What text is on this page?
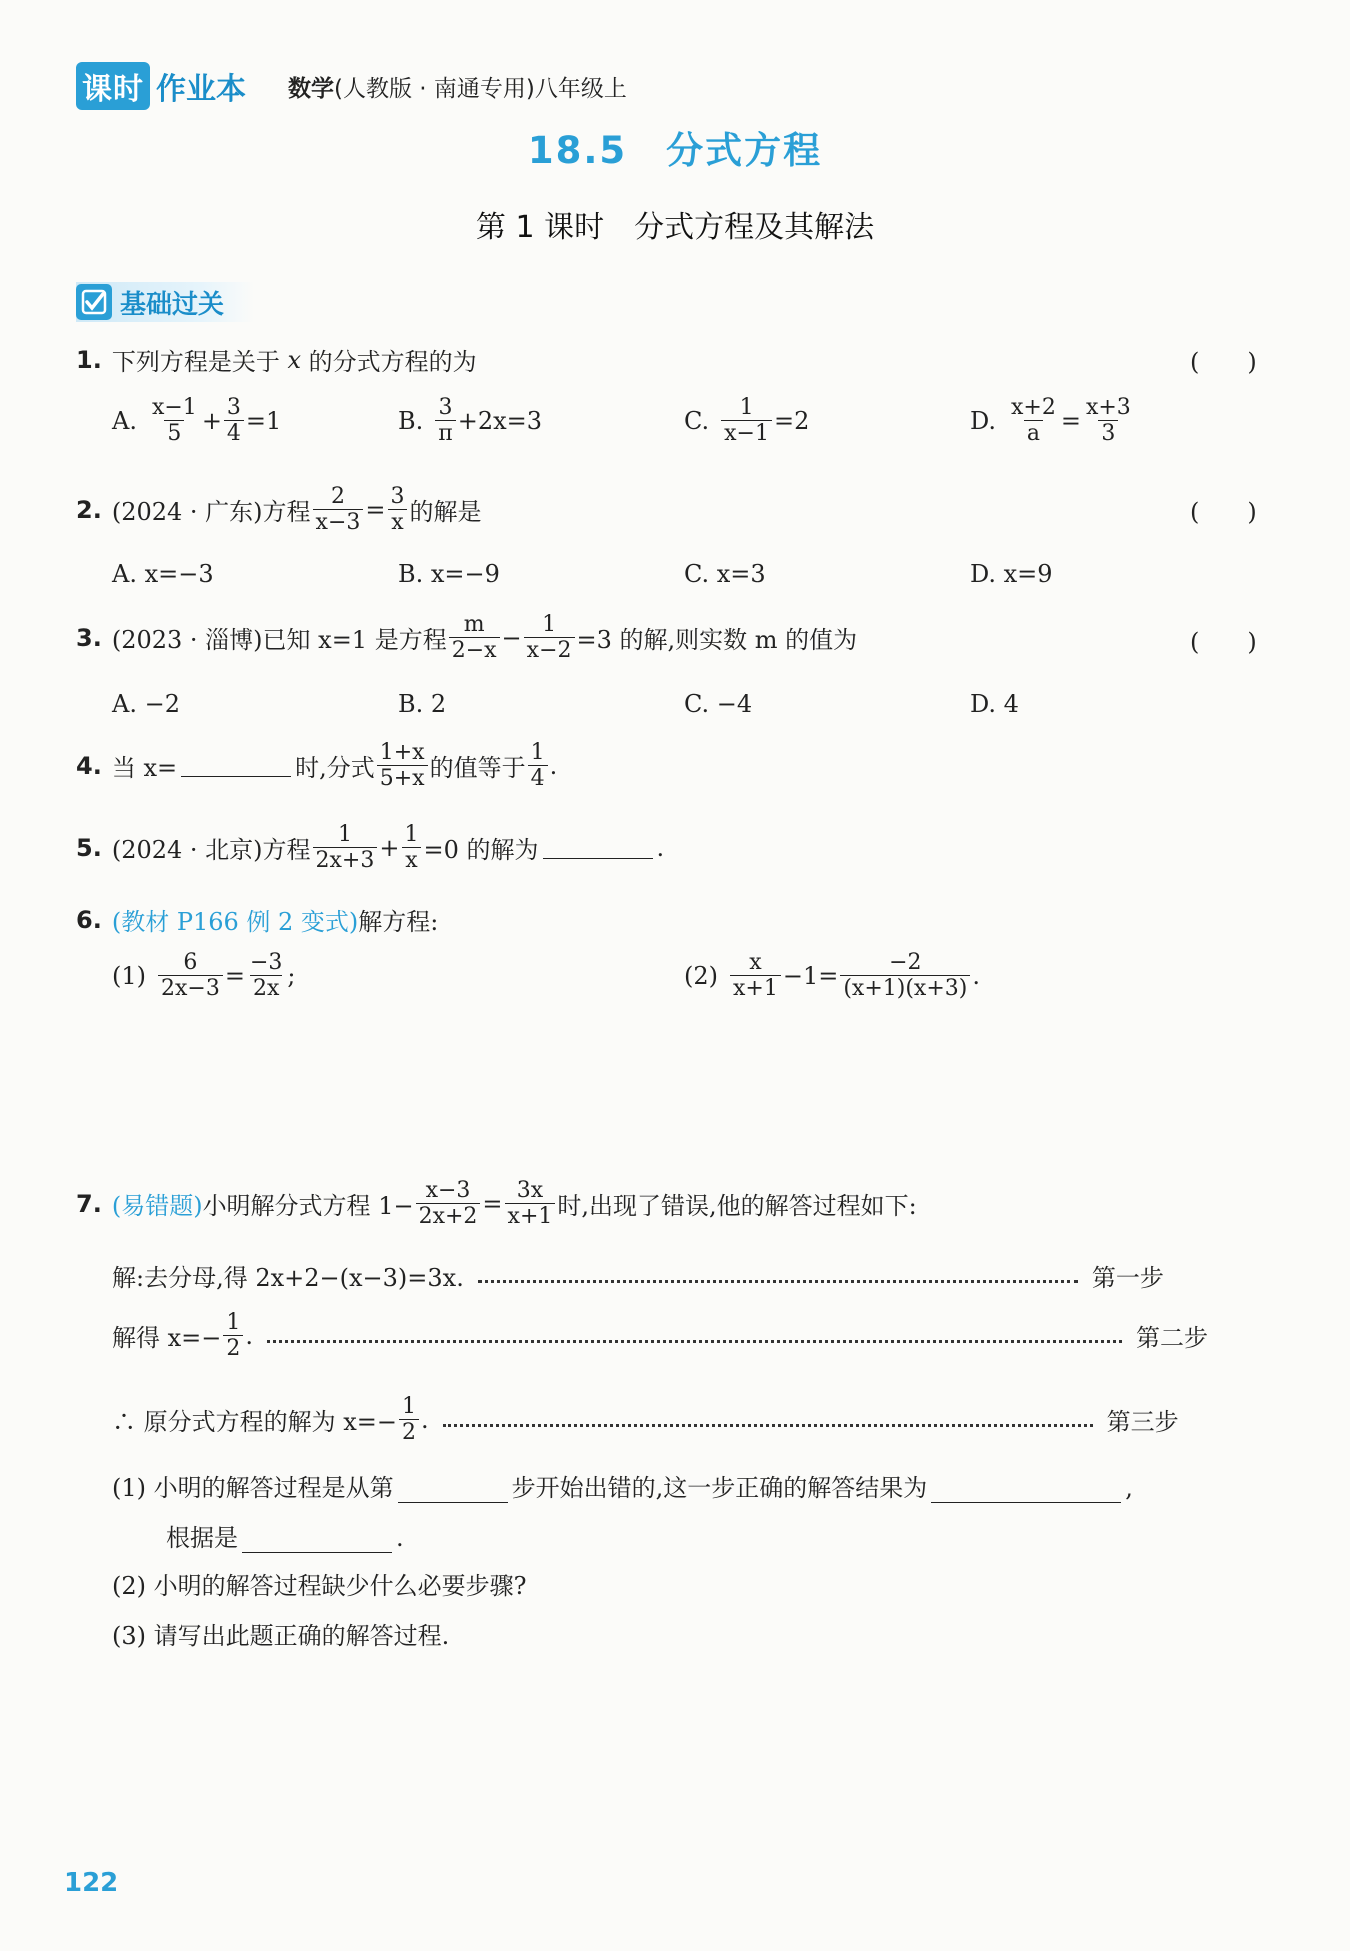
课时 作业本 数学(人教版 · 南通专用)八年级上
18.5　分式方程
第 1 课时　分式方程及其解法
基础过关
1. 下列方程是关于
x
的分式方程的为	(　　)
A. $\frac{x-1}{5} + \frac{3}{4} =1$	B. $\frac{3}{\pi} +2x=3$	C. $\frac{1}{x-1} =2$	D. $\frac{x+2}{a} = \frac{x+3}{3}$
2. (2024 · 广东) 方程 $\frac{2}{x-3} = \frac{3}{x}$ 的解是	(　　)
A. x=−3	B. x=−9	C. x=3	D. x=9
3. (2023 · 淄博) 已知 x=1 是方程 $\frac{m}{2-x} - \frac{1}{x-2} =3$ 的解,则实数 m 的值为	(　　)
A. −2	B. 2	C. −4	D. 4
4. 当 x=	时,分式 $\frac{1+x}{5+x}$ 的值等于 $\frac{1}{4}$ .
5. (2024 · 北京) 方程 $\frac{1}{2x+3} + \frac{1}{x} =0$ 的解为	.
6. (教材 P166 例 2 变式) 解方程:
$(1) \frac{6}{2x-3} = \frac{-3}{2x}$ ;	$(2) \frac{x}{x+1} -1= \frac{-2}{(x+1)(x+3)}$ .
7. (易错题) 小明解分式方程 $1- \frac{x-3}{2x+2} = \frac{3x}{x+1}$ 时,出现了错误,他的解答过程如下:
解:去分母,得 2x+2−(x−3)=3x.	第一步
解得 $x=- \frac{1}{2}$ .	第二步
∴ 原分式方程的解为 $x=- \frac{1}{2}$ .	第三步
(1) 小明的解答过程是从第	步开始出错的,这一步正确的解答结果为	,
根据是	.
(2) 小明的解答过程缺少什么必要步骤?
(3) 请写出此题正确的解答过程.
122
